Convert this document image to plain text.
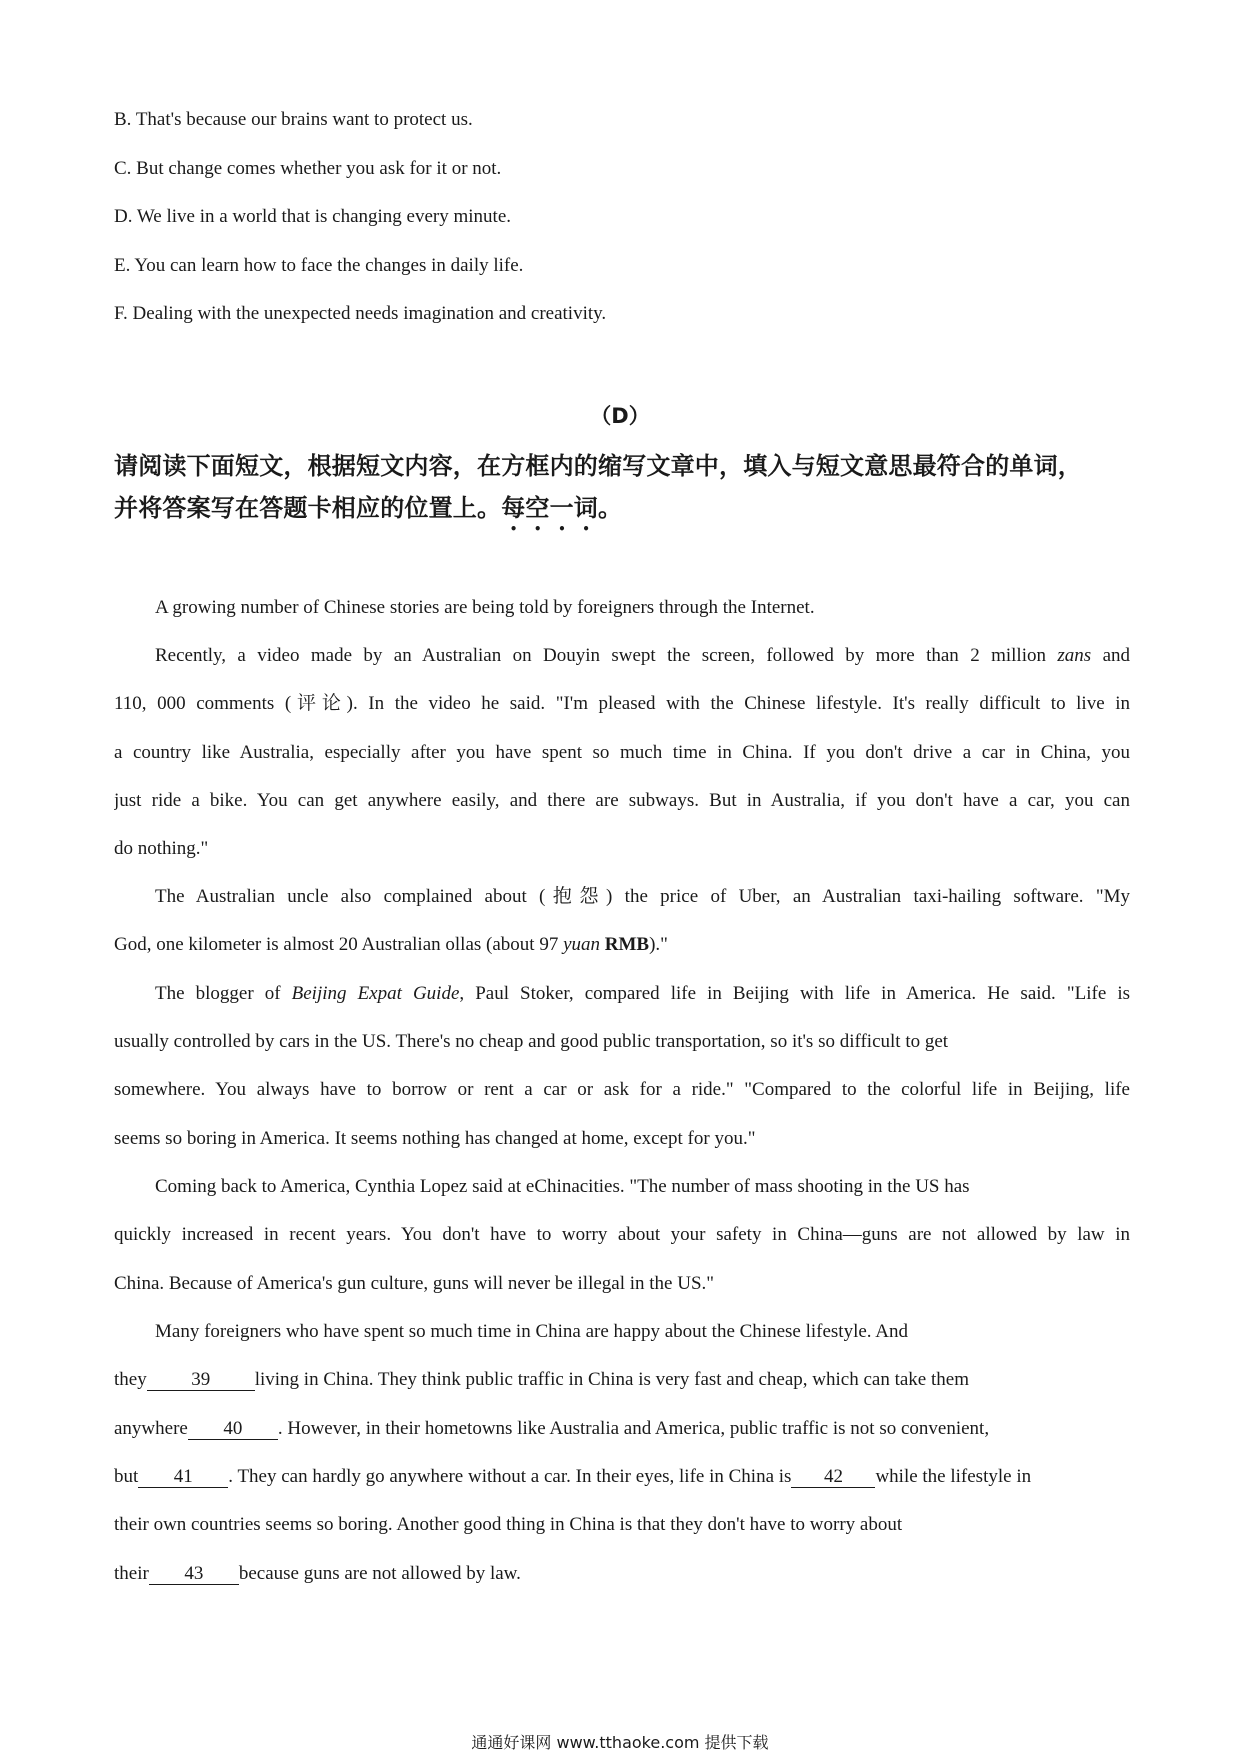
B. That's because our brains want to protect us.
C. But change comes whether you ask for it or not.
D. We live in a world that is changing every minute.
E. You can learn how to face the changes in daily life.
F. Dealing with the unexpected needs imagination and creativity.
（D）
请阅读下面短文，根据短文内容，在方框内的缩写文章中，填入与短文意思最符合的单词，
并将答案写在答题卡相应的位置上。每空一词。
A growing number of Chinese stories are being told by foreigners through the Internet.
Recently, a video made by an Australian on Douyin swept the screen, followed by more than 2 million zans and
110, 000 comments (评论). In the video he said. "I'm pleased with the Chinese lifestyle. It's really difficult to live in
a country like Australia, especially after you have spent so much time in China. If you don't drive a car in China, you
just ride a bike. You can get anywhere easily, and there are subways. But in Australia, if you don't have a car, you can
do nothing."
The Australian uncle also complained about (抱怨) the price of Uber, an Australian taxi-hailing software. "My
God, one kilometer is almost 20 Australian ollas (about 97 yuan RMB)."
The blogger of Beijing Expat Guide, Paul Stoker, compared life in Beijing with life in America. He said. "Life is
usually controlled by cars in the US. There's no cheap and good public transportation, so it's so difficult to get
somewhere. You always have to borrow or rent a car or ask for a ride." "Compared to the colorful life in Beijing, life
seems so boring in America. It seems nothing has changed at home, except for you."
Coming back to America, Cynthia Lopez said at eChinacities. "The number of mass shooting in the US has
quickly increased in recent years. You don't have to worry about your safety in China—guns are not allowed by law in
China. Because of America's gun culture, guns will never be illegal in the US."
Many foreigners who have spent so much time in China are happy about the Chinese lifestyle. And
they 39 living in China. They think public traffic in China is very fast and cheap, which can take them
anywhere 40 . However, in their hometowns like Australia and America, public traffic is not so convenient,
but 41 . They can hardly go anywhere without a car. In their eyes, life in China is 42 while the lifestyle in
their own countries seems so boring. Another good thing in China is that they don't have to worry about
their 43 because guns are not allowed by law.
通通好课网 www.tthaoke.com 提供下载
